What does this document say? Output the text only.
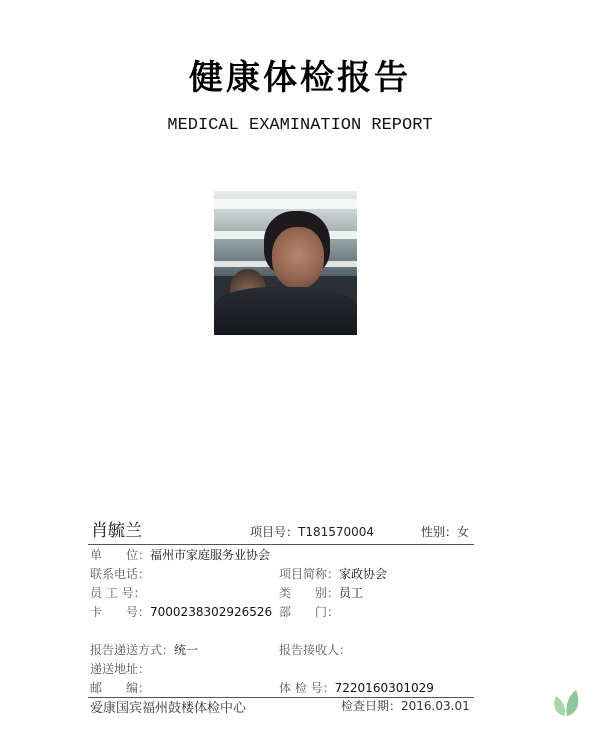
健康体检报告
MEDICAL EXAMINATION REPORT
肖毓兰	项目号：T181570004	性别：女
单　　位：福州市家庭服务业协会
联系电话：	项目简称：家政协会
员 工 号：	类　　别：员工
卡　　号：7000238302926526 部　　门：
报告递送方式：统一	报告接收人：
递送地址：
邮　　编：	体 检 号：7220160301029
爱康国宾福州鼓楼体检中心	检查日期：2016.03.01
